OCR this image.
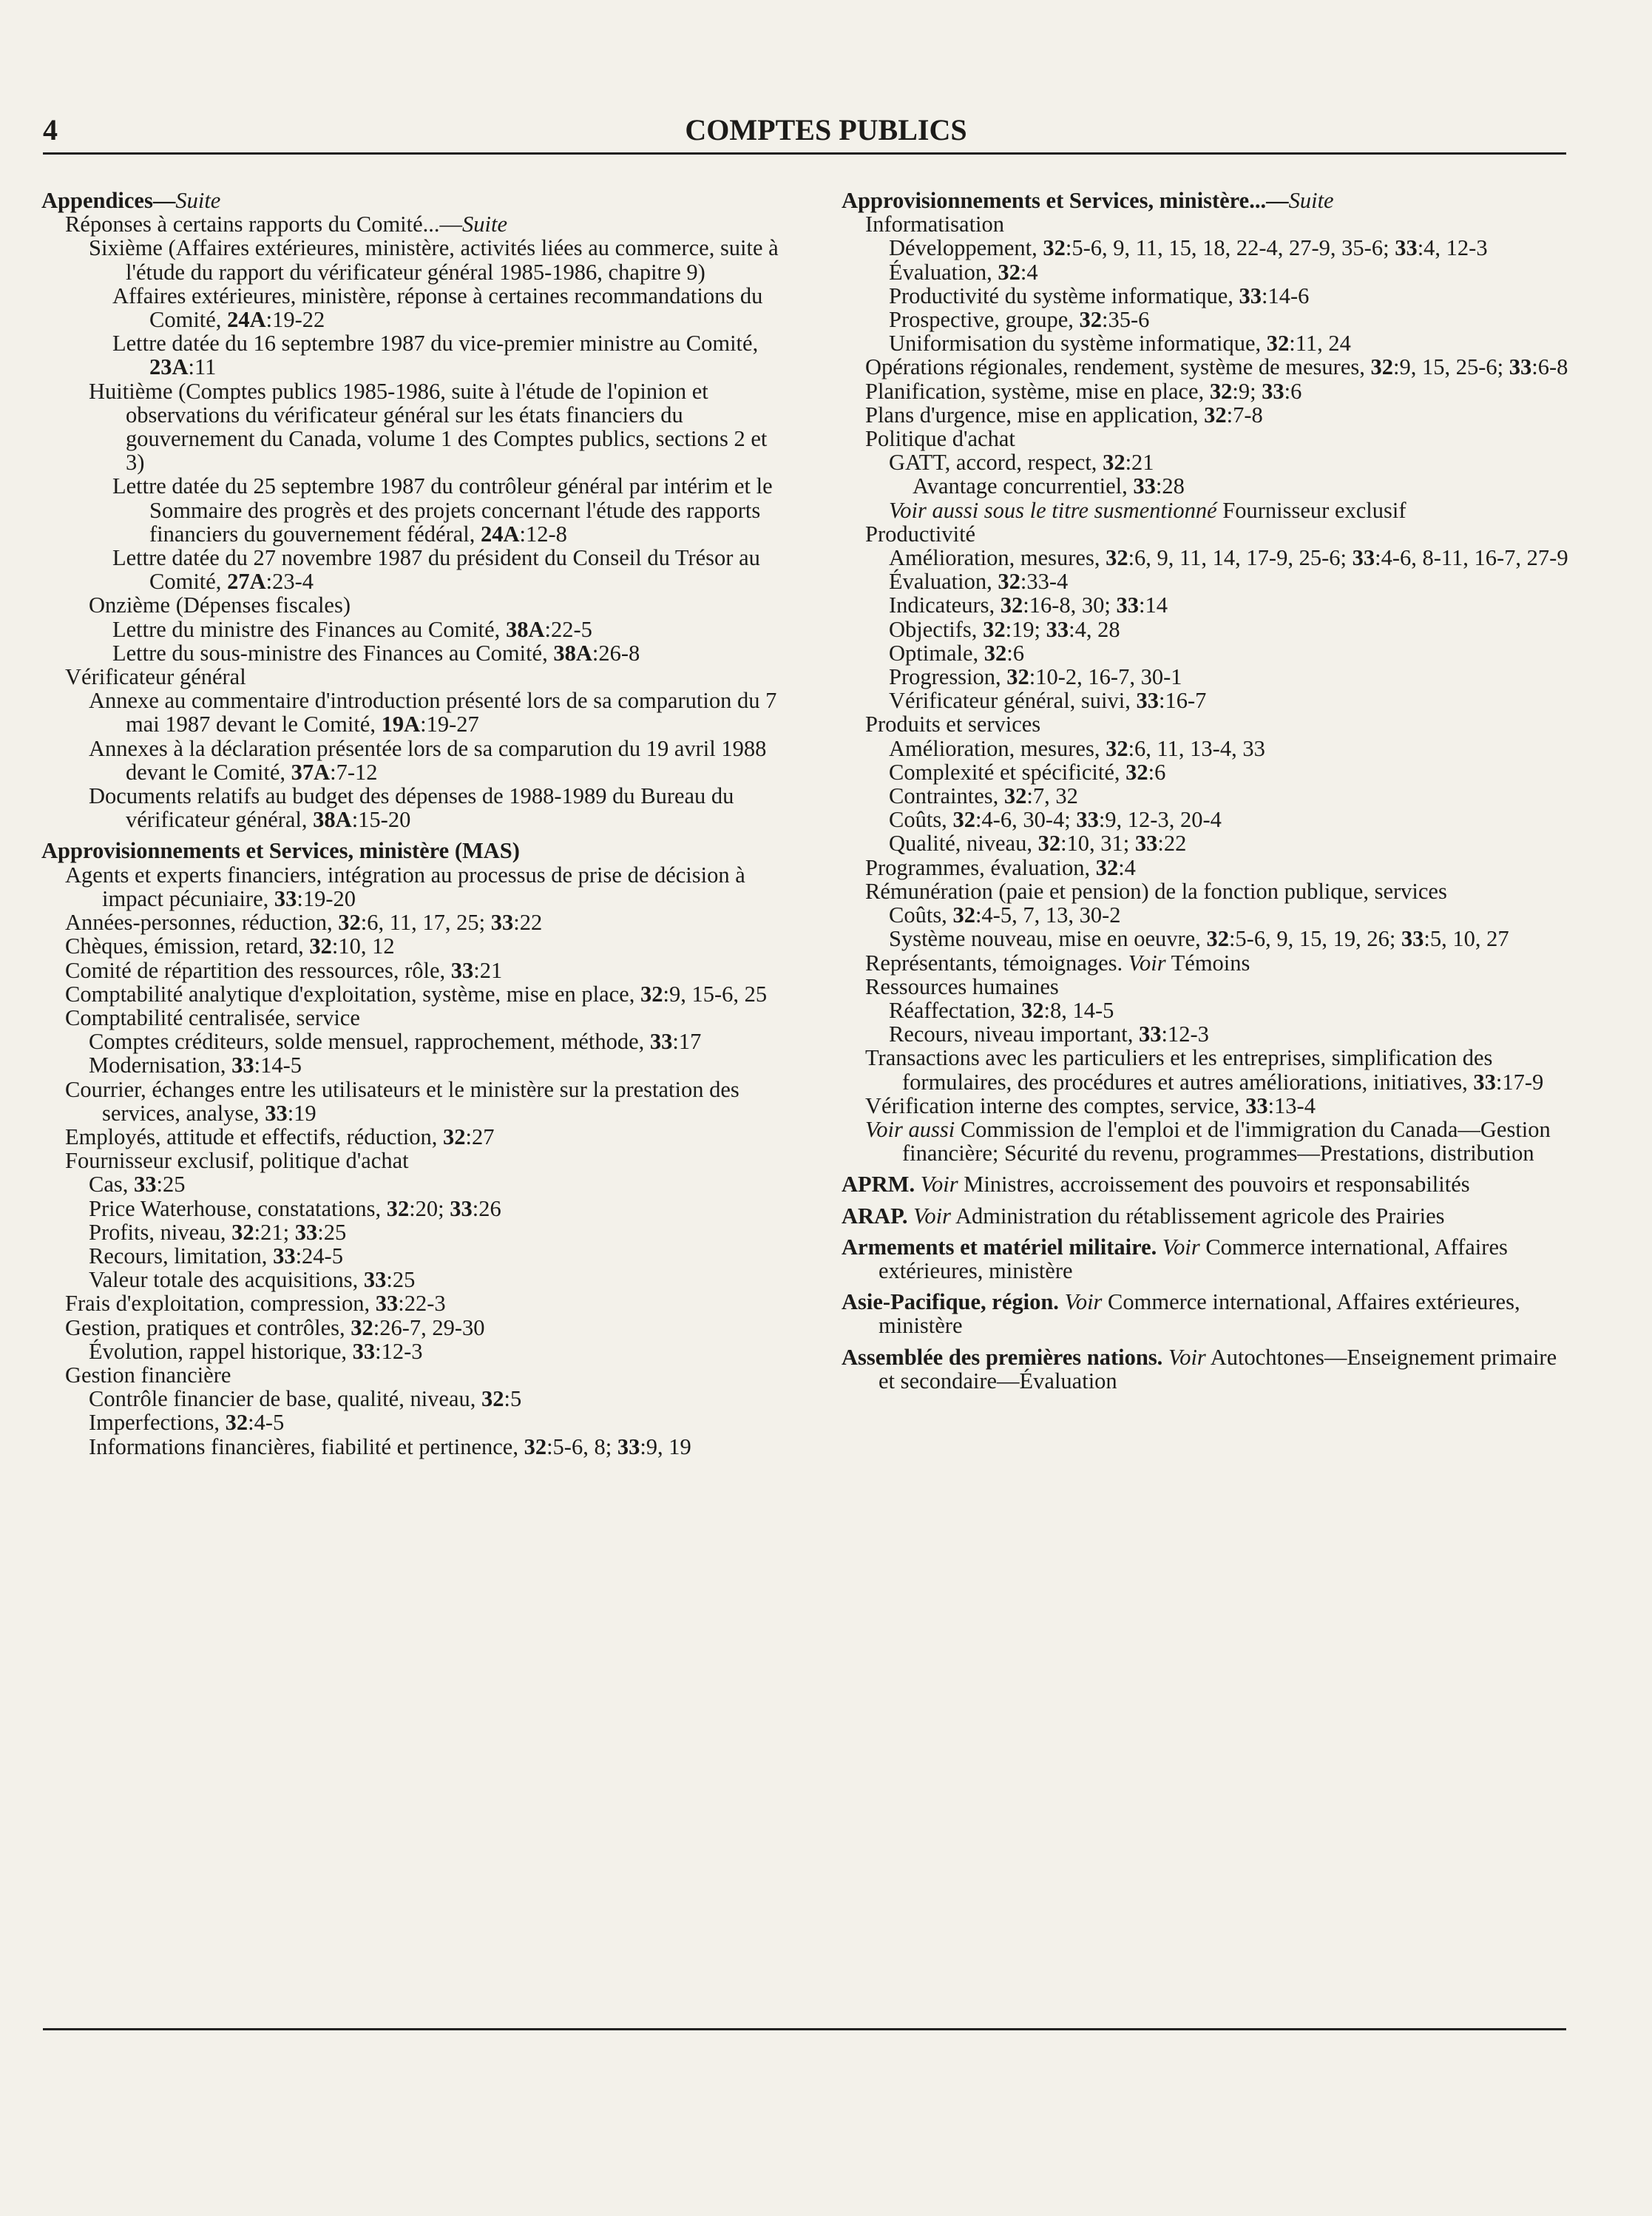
4	COMPTES PUBLICS

Appendices—Suite

Réponses à certains rapports du Comité...—Suite

Sixième (Affaires extérieures, ministère, activités liées au commerce, suite à l'étude du rapport du vérificateur général 1985-1986, chapitre 9)

Affaires extérieures, ministère, réponse à certaines recommandations du Comité, 24A:19-22

Lettre datée du 16 septembre 1987 du vice-premier ministre au Comité, 23A:11

Huitième (Comptes publics 1985-1986, suite à l'étude de l'opinion et observations du vérificateur général sur les états financiers du gouvernement du Canada, volume 1 des Comptes publics, sections 2 et 3)

Lettre datée du 25 septembre 1987 du contrôleur général par intérim et le Sommaire des progrès et des projets concernant l'étude des rapports financiers du gouvernement fédéral, 24A:12-8

Lettre datée du 27 novembre 1987 du président du Conseil du Trésor au Comité, 27A:23-4

Onzième (Dépenses fiscales)

Lettre du ministre des Finances au Comité, 38A:22-5

Lettre du sous-ministre des Finances au Comité, 38A:26-8

Vérificateur général

Annexe au commentaire d'introduction présenté lors de sa comparution du 7 mai 1987 devant le Comité, 19A:19-27

Annexes à la déclaration présentée lors de sa comparution du 19 avril 1988 devant le Comité, 37A:7-12

Documents relatifs au budget des dépenses de 1988-1989 du Bureau du vérificateur général, 38A:15-20

Approvisionnements et Services, ministère (MAS)

Agents et experts financiers, intégration au processus de prise de décision à impact pécuniaire, 33:19-20

Années-personnes, réduction, 32:6, 11, 17, 25; 33:22

Chèques, émission, retard, 32:10, 12

Comité de répartition des ressources, rôle, 33:21

Comptabilité analytique d'exploitation, système, mise en place, 32:9, 15-6, 25

Comptabilité centralisée, service

Comptes créditeurs, solde mensuel, rapprochement, méthode, 33:17

Modernisation, 33:14-5

Courrier, échanges entre les utilisateurs et le ministère sur la prestation des services, analyse, 33:19

Employés, attitude et effectifs, réduction, 32:27

Fournisseur exclusif, politique d'achat

Cas, 33:25

Price Waterhouse, constatations, 32:20; 33:26

Profits, niveau, 32:21; 33:25

Recours, limitation, 33:24-5

Valeur totale des acquisitions, 33:25

Frais d'exploitation, compression, 33:22-3

Gestion, pratiques et contrôles, 32:26-7, 29-30

Évolution, rappel historique, 33:12-3

Gestion financière

Contrôle financier de base, qualité, niveau, 32:5

Imperfections, 32:4-5

Informations financières, fiabilité et pertinence, 32:5-6, 8; 33:9, 19

Approvisionnements et Services, ministère...—Suite

Informatisation

Développement, 32:5-6, 9, 11, 15, 18, 22-4, 27-9, 35-6; 33:4, 12-3

Évaluation, 32:4

Productivité du système informatique, 33:14-6

Prospective, groupe, 32:35-6

Uniformisation du système informatique, 32:11, 24

Opérations régionales, rendement, système de mesures, 32:9, 15, 25-6; 33:6-8

Planification, système, mise en place, 32:9; 33:6

Plans d'urgence, mise en application, 32:7-8

Politique d'achat

GATT, accord, respect, 32:21

Avantage concurrentiel, 33:28

Voir aussi sous le titre susmentionné Fournisseur exclusif

Productivité

Amélioration, mesures, 32:6, 9, 11, 14, 17-9, 25-6; 33:4-6, 8-11, 16-7, 27-9

Évaluation, 32:33-4

Indicateurs, 32:16-8, 30; 33:14

Objectifs, 32:19; 33:4, 28

Optimale, 32:6

Progression, 32:10-2, 16-7, 30-1

Vérificateur général, suivi, 33:16-7

Produits et services

Amélioration, mesures, 32:6, 11, 13-4, 33

Complexité et spécificité, 32:6

Contraintes, 32:7, 32

Coûts, 32:4-6, 30-4; 33:9, 12-3, 20-4

Qualité, niveau, 32:10, 31; 33:22

Programmes, évaluation, 32:4

Rémunération (paie et pension) de la fonction publique, services

Coûts, 32:4-5, 7, 13, 30-2

Système nouveau, mise en oeuvre, 32:5-6, 9, 15, 19, 26; 33:5, 10, 27

Représentants, témoignages. Voir Témoins

Ressources humaines

Réaffectation, 32:8, 14-5

Recours, niveau important, 33:12-3

Transactions avec les particuliers et les entreprises, simplification des formulaires, des procédures et autres améliorations, initiatives, 33:17-9

Vérification interne des comptes, service, 33:13-4

Voir aussi Commission de l'emploi et de l'immigration du Canada—Gestion financière; Sécurité du revenu, programmes—Prestations, distribution

APRM. Voir Ministres, accroissement des pouvoirs et responsabilités

ARAP. Voir Administration du rétablissement agricole des Prairies

Armements et matériel militaire. Voir Commerce international, Affaires extérieures, ministère

Asie-Pacifique, région. Voir Commerce international, Affaires extérieures, ministère

Assemblée des premières nations. Voir Autochtones—Enseignement primaire et secondaire—Évaluation
